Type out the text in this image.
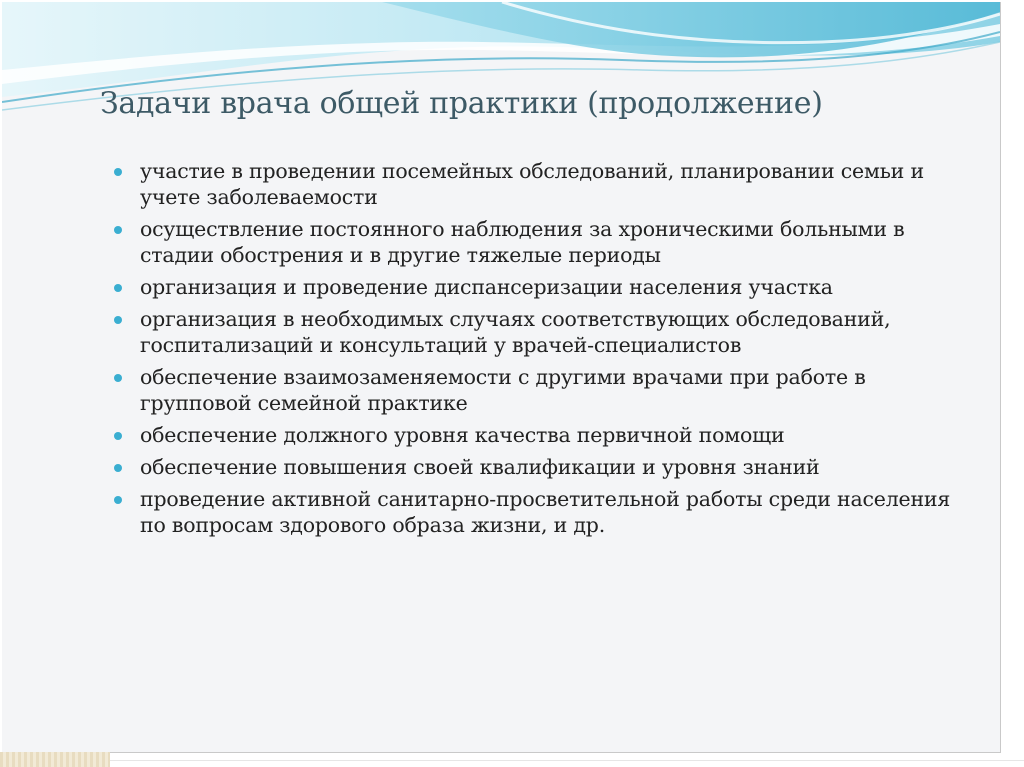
Задачи врача общей практики (продолжение)
участие в проведении посемейных обследований, планировании семьи и учете заболеваемости
осуществление постоянного наблюдения за хроническими больными в стадии обострения и в другие тяжелые периоды
организация и проведение диспансеризации населения участка
организация в необходимых случаях соответствующих обследований, госпитализаций и консультаций у врачей-специалистов
обеспечение взаимозаменяемости с другими врачами при работе в групповой семейной практике
обеспечение должного уровня качества первичной помощи
обеспечение повышения своей квалификации и уровня знаний
проведение активной санитарно-просветительной работы среди населения по вопросам здорового образа жизни, и др.
